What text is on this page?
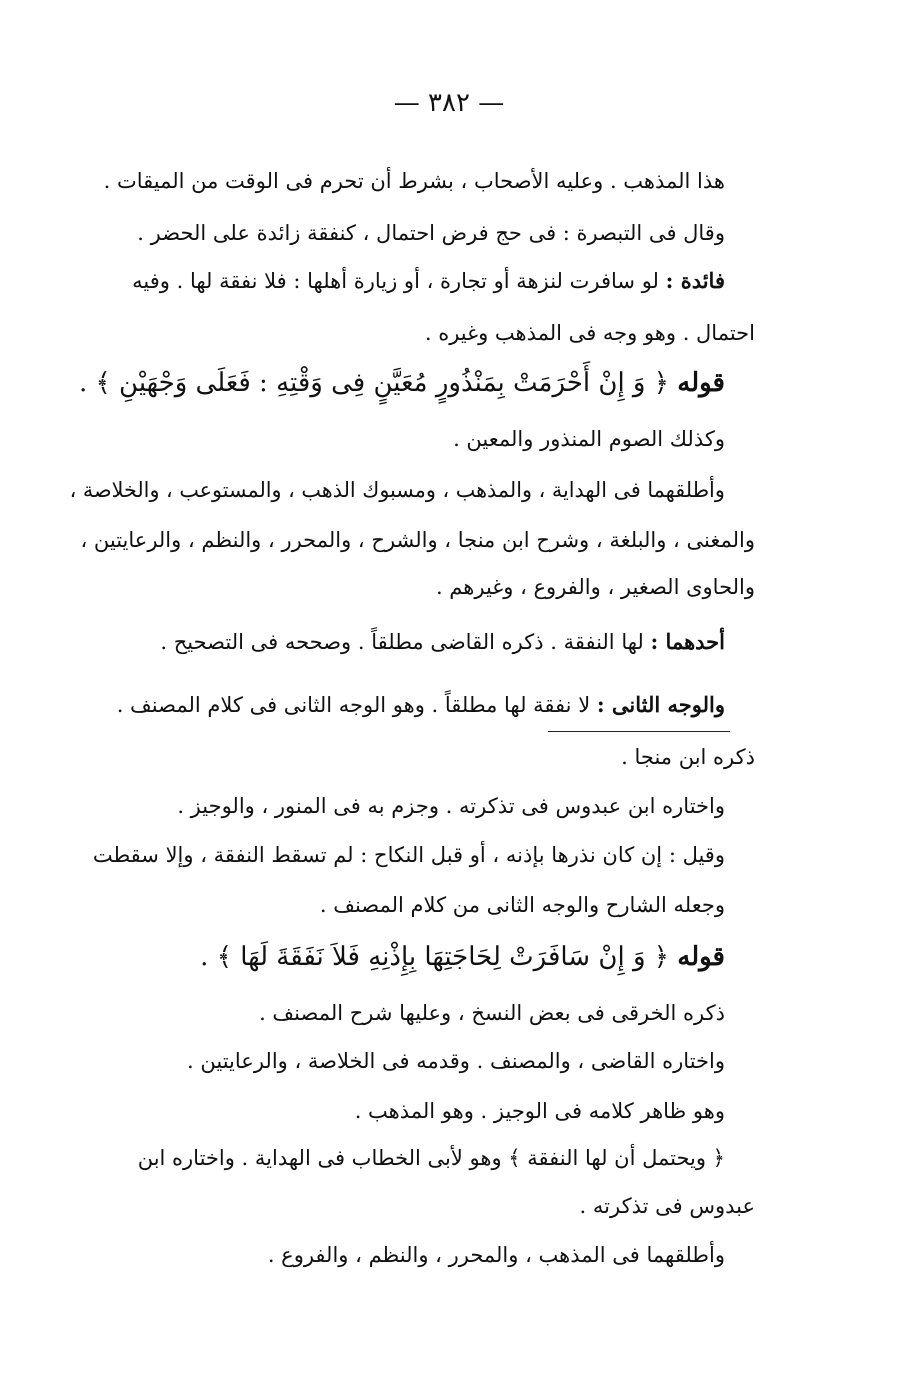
— ٣٨٢ —
هذا المذهب . وعليه الأصحاب ، بشرط أن تحرم فى الوقت من الميقات .
وقال فى التبصرة : فى حج فرض احتمال ، كنفقة زائدة على الحضر .
فائدة : لو سافرت لنزهة أو تجارة ، أو زيارة أهلها : فلا نفقة لها . وفيه
احتمال . وهو وجه فى المذهب وغيره .
قوله ﴿ وَ إِنْ أَحْرَمَتْ بِمَنْذُورٍ مُعَيَّنٍ فِى وَقْتِهِ : فَعَلَى وَجْهَيْنِ ﴾ .
وكذلك الصوم المنذور والمعين .
وأطلقهما فى الهداية ، والمذهب ، ومسبوك الذهب ، والمستوعب ، والخلاصة ،
والمغنى ، والبلغة ، وشرح ابن منجا ، والشرح ، والمحرر ، والنظم ، والرعايتين ،
والحاوى الصغير ، والفروع ، وغيرهم .
أحدهما : لها النفقة . ذكره القاضى مطلقاً . وصححه فى التصحيح .
والوجه الثانى : لا نفقة لها مطلقاً . وهو الوجه الثانى فى كلام المصنف .
ذكره ابن منجا .
واختاره ابن عبدوس فى تذكرته . وجزم به فى المنور ، والوجيز .
وقيل : إن كان نذرها بإذنه ، أو قبل النكاح : لم تسقط النفقة ، وإلا سقطت
وجعله الشارح والوجه الثانى من كلام المصنف .
قوله ﴿ وَ إِنْ سَافَرَتْ لِحَاجَتِهَا بِإِذْنِهِ فَلاَ نَفَقَةَ لَهَا ﴾ .
ذكره الخرقى فى بعض النسخ ، وعليها شرح المصنف .
واختاره القاضى ، والمصنف . وقدمه فى الخلاصة ، والرعايتين .
وهو ظاهر كلامه فى الوجيز . وهو المذهب .
﴿ ويحتمل أن لها النفقة ﴾ وهو لأبى الخطاب فى الهداية . واختاره ابن
عبدوس فى تذكرته .
وأطلقهما فى المذهب ، والمحرر ، والنظم ، والفروع .
